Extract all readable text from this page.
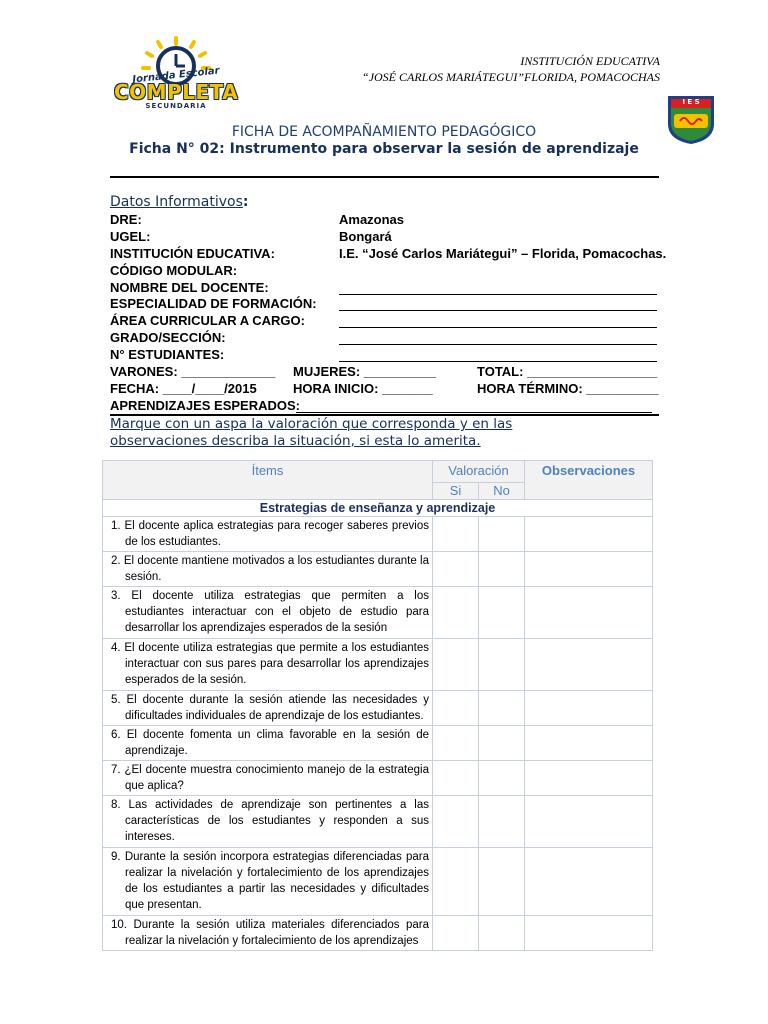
Jornada Escolar
COMPLETA
SECUNDARIA
INSTITUCIÓN EDUCATIVA
“JOSÉ CARLOS MARIÁTEGUI”FLORIDA, POMACOCHAS
I E S
FICHA DE ACOMPAÑAMIENTO PEDAGÓGICO
Ficha N° 02: Instrumento para observar la sesión de aprendizaje
Datos Informativos:
DRE:	Amazonas
UGEL:	Bongará
INSTITUCIÓN EDUCATIVA:	I.E. “José Carlos Mariátegui” – Florida, Pomacochas.
CÓDIGO MODULAR:
NOMBRE DEL DOCENTE:
ESPECIALIDAD DE FORMACIÓN:
ÁREA CURRICULAR A CARGO:
GRADO/SECCIÓN:
N° ESTUDIANTES:
VARONES: _____________ MUJERES: __________	TOTAL: __________________
FECHA: ____/____/2015	HORA INICIO: _______	HORA TÉRMINO: __________
APRENDIZAJES ESPERADOS:
Marque con un aspa la valoración que corresponda y en las observaciones describa la situación, si esta lo amerita.
Ítems	Valoración		Observaciones
	Si	No	
Estrategias de enseñanza y aprendizaje			

1. El docente aplica estrategias para recoger saberes previos de los estudiantes.			

2. El docente mantiene motivados a los estudiantes durante la sesión.			

3. El docente utiliza estrategias que permiten a los estudiantes interactuar con el objeto de estudio para desarrollar los aprendizajes esperados de la sesión			

4. El docente utiliza estrategias que permite a los estudiantes interactuar con sus pares para desarrollar los aprendizajes esperados de la sesión.			

5. El docente durante la sesión atiende las necesidades y dificultades individuales de aprendizaje de los estudiantes.			

6. El docente fomenta un clima favorable en la sesión de aprendizaje.			

7. ¿El docente muestra conocimiento manejo de la estrategia que aplica?			

8. Las actividades de aprendizaje son pertinentes a las características de los estudiantes y responden a sus intereses.			

9. Durante la sesión incorpora estrategias diferenciadas para realizar la nivelación y fortalecimiento de los aprendizajes de los estudiantes a partir las necesidades y dificultades que presentan.			

10. Durante la sesión utiliza materiales diferenciados para realizar la nivelación y fortalecimiento de los aprendizajes			
